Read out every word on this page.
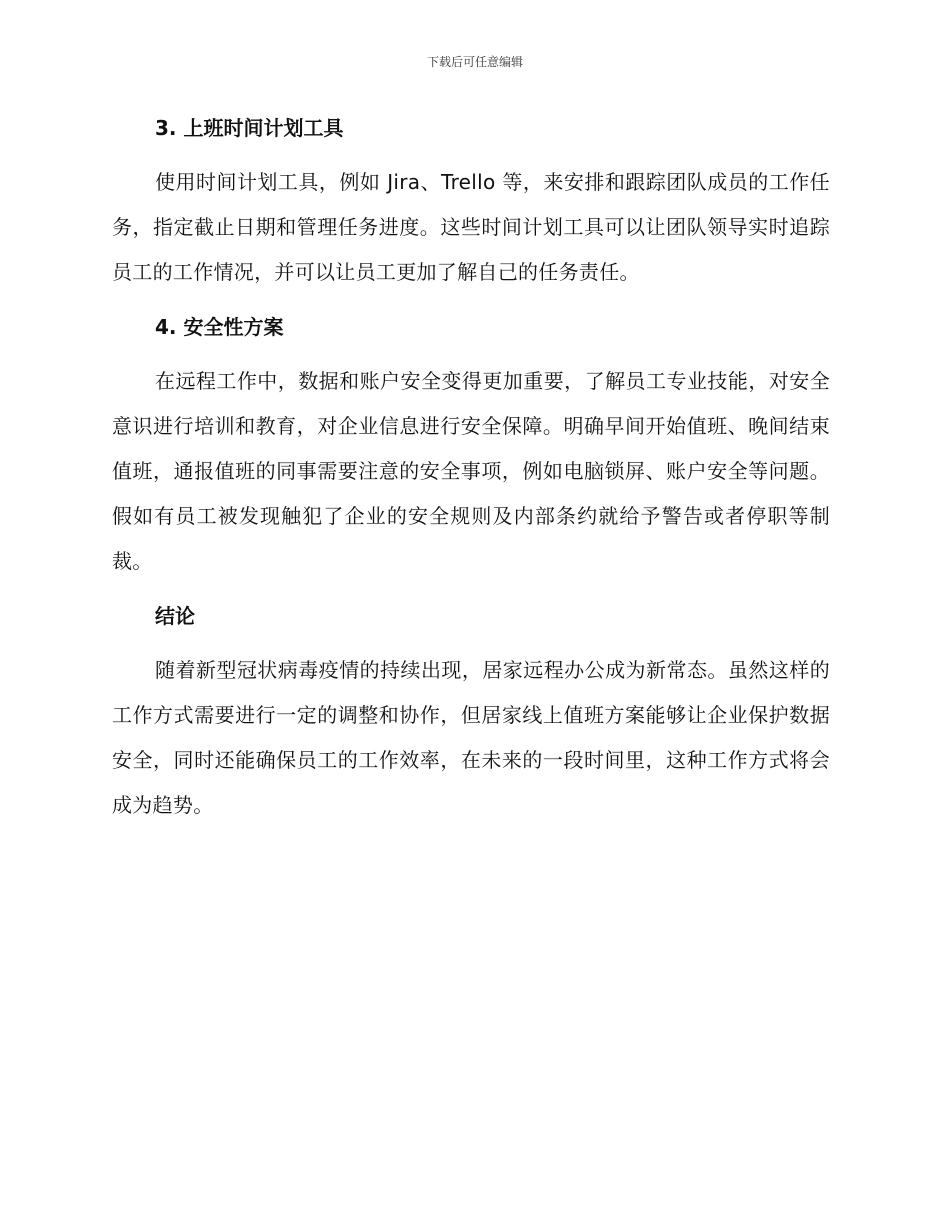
下载后可任意编辑
3. 上班时间计划工具

使用时间计划工具，例如 Jira、Trello 等，来安排和跟踪团队成员的工作任务，指定截止日期和管理任务进度。这些时间计划工具可以让团队领导实时追踪员工的工作情况，并可以让员工更加了解自己的任务责任。

4. 安全性方案

在远程工作中，数据和账户安全变得更加重要，了解员工专业技能，对安全意识进行培训和教育，对企业信息进行安全保障。明确早间开始值班、晚间结束值班，通报值班的同事需要注意的安全事项，例如电脑锁屏、账户安全等问题。假如有员工被发现触犯了企业的安全规则及内部条约就给予警告或者停职等制裁。

结论

随着新型冠状病毒疫情的持续出现，居家远程办公成为新常态。虽然这样的工作方式需要进行一定的调整和协作，但居家线上值班方案能够让企业保护数据安全，同时还能确保员工的工作效率，在未来的一段时间里，这种工作方式将会成为趋势。
